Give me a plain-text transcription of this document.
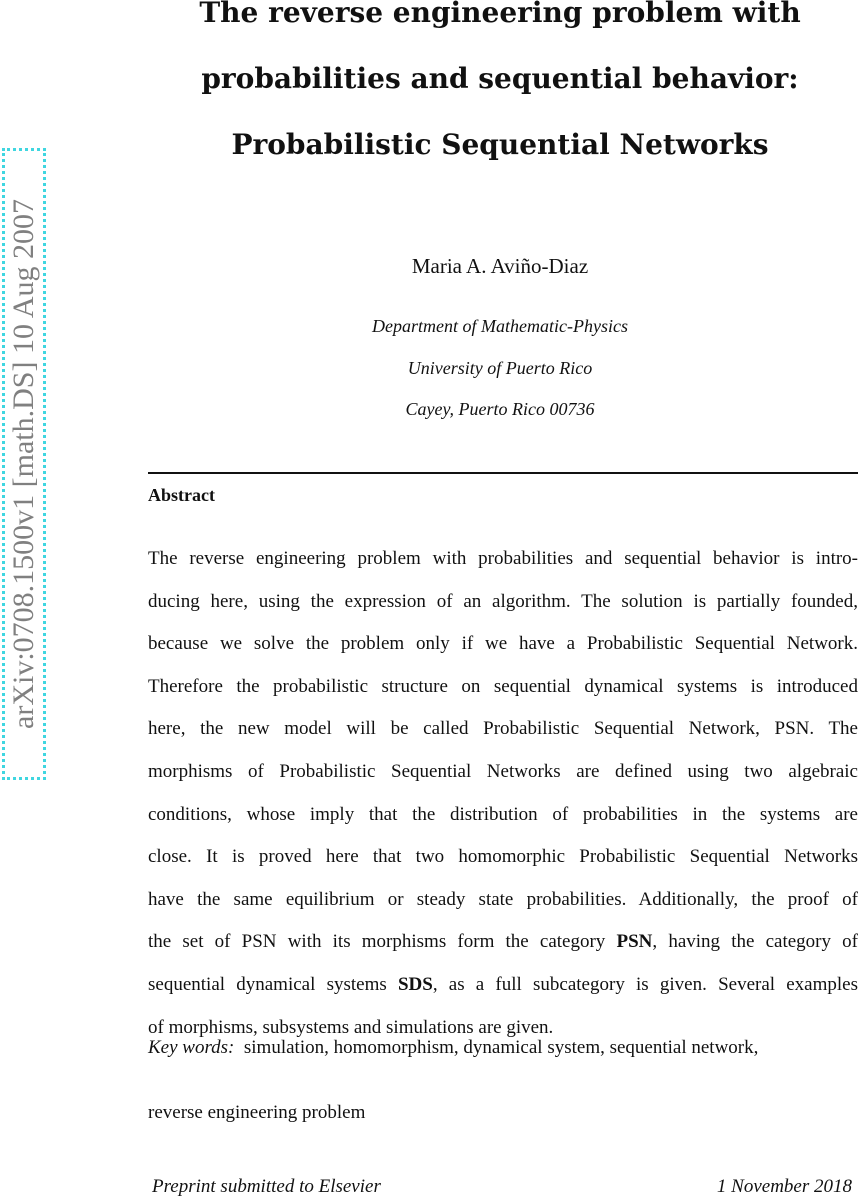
The reverse engineering problem with
probabilities and sequential behavior:
Probabilistic Sequential Networks
Maria A. Aviño-Diaz
Department of Mathematic-Physics
University of Puerto Rico
Cayey, Puerto Rico 00736
Abstract
The reverse engineering problem with probabilities and sequential behavior is intro-
ducing here, using the expression of an algorithm. The solution is partially founded,
because we solve the problem only if we have a Probabilistic Sequential Network.
Therefore the probabilistic structure on sequential dynamical systems is introduced
here, the new model will be called Probabilistic Sequential Network, PSN. The
morphisms of Probabilistic Sequential Networks are defined using two algebraic
conditions, whose imply that the distribution of probabilities in the systems are
close. It is proved here that two homomorphic Probabilistic Sequential Networks
have the same equilibrium or steady state probabilities. Additionally, the proof of
the set of PSN with its morphisms form the category PSN, having the category of
sequential dynamical systems SDS, as a full subcategory is given. Several examples
of morphisms, subsystems and simulations are given.
Key words: simulation, homomorphism, dynamical system, sequential network,
reverse engineering problem
Preprint submitted to Elsevier	1 November 2018
arXiv:0708.1500v1 [math.DS] 10 Aug 2007
